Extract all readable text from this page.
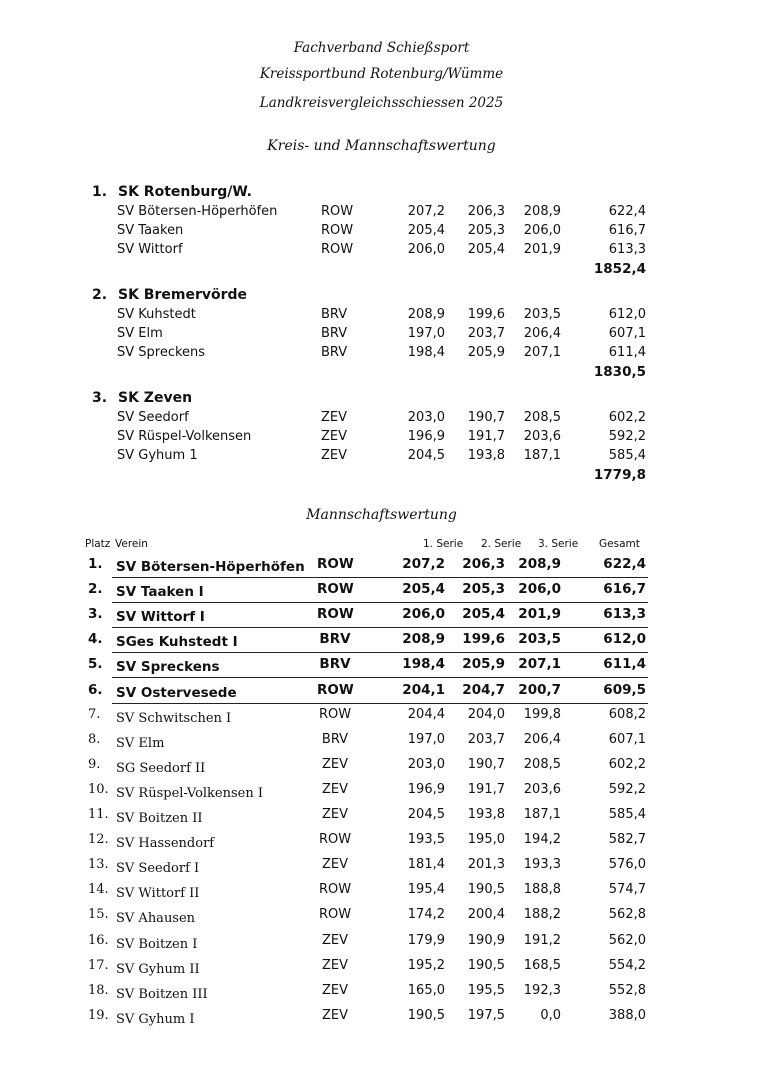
Fachverband Schießsport
Kreissportbund Rotenburg/Wümme
Landkreisvergleichsschiessen 2025
Kreis- und Mannschaftswertung
1. SK Rotenburg/W.
SV Bötersen-Höperhöfen	ROW	207,2 206,3 208,9	622,4
SV Taaken	ROW	205,4 205,3 206,0	616,7
SV Wittorf	ROW	206,0 205,4 201,9	613,3
1852,4
2. SK Bremervörde
SV Kuhstedt	BRV	208,9 199,6 203,5	612,0
SV Elm	BRV	197,0 203,7 206,4	607,1
SV Spreckens	BRV	198,4 205,9 207,1	611,4
1830,5
3. SK Zeven
SV Seedorf	ZEV	203,0 190,7 208,5	602,2
SV Rüspel-Volkensen	ZEV	196,9 191,7 203,6	592,2
SV Gyhum 1	ZEV	204,5 193,8 187,1	585,4
1779,8
Mannschaftswertung
Platz Verein	1. Serie 2. Serie 3. Serie Gesamt
1. SV Bötersen-Höperhöfen ROW	207,2 206,3 208,9	622,4
2. SV Taaken I	ROW	205,4 205,3 206,0	616,7
3. SV Wittorf I	ROW	206,0 205,4 201,9	613,3
4. SGes Kuhstedt I	BRV	208,9 199,6 203,5	612,0
5. SV Spreckens	BRV	198,4 205,9 207,1	611,4
6. SV Ostervesede	ROW	204,1 204,7 200,7	609,5
7. SV Schwitschen I	ROW	204,4 204,0 199,8	608,2
8. SV Elm	BRV	197,0 203,7 206,4	607,1
9. SG Seedorf II	ZEV	203,0 190,7 208,5	602,2
10. SV Rüspel-Volkensen I	ZEV	196,9 191,7 203,6	592,2
11. SV Boitzen II	ZEV	204,5 193,8 187,1	585,4
12. SV Hassendorf	ROW	193,5 195,0 194,2	582,7
13. SV Seedorf I	ZEV	181,4 201,3 193,3	576,0
14. SV Wittorf II	ROW	195,4 190,5 188,8	574,7
15. SV Ahausen	ROW	174,2 200,4 188,2	562,8
16. SV Boitzen I	ZEV	179,9 190,9 191,2	562,0
17. SV Gyhum II	ZEV	195,2 190,5 168,5	554,2
18. SV Boitzen III	ZEV	165,0 195,5 192,3	552,8
19. SV Gyhum I	ZEV	190,5 197,5	0,0	388,0
